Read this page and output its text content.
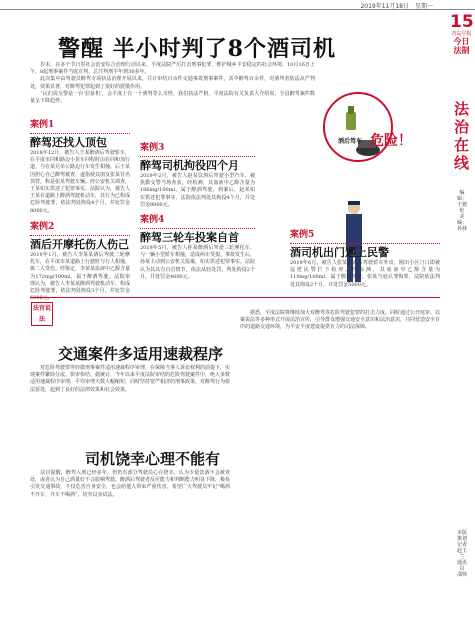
2019年11月18日　星期一
15
青岛早报
今日法制
法治在线
编辑：于德伦 美编：孙林
本版策划 记者 赵玉兰 通讯员 邵帅
警醒 半小时判了8个酒司机
　　岁末，在多个节日里社会治安综合治理行动以来，平度法院严厉打击刑事犯罪，维护城乡平安稳定的社会环境。10月16日上午，8起刑事案件当庭宣判，总共判刑半年到30多年。
　　此次集中由驾驶员醉驾专项执法治理开展以来，共计审结百余件交通事故刑事案件，其中醉驾百余件，对酒驾者依法从严判处，效果显著，对醉驾犯罪起到了很好的震慑作用。
　　“民们说交警是一台‘拉扯机’，会平度上有一个酒驾等么奇怪，我们执法严格，平度法院有关负责人介绍说，全县醉驾案件数量呈下降趋势。
酒后驾车 危险！
案例1
醉驾还找人顶包
2018年12月，被告人王某醉酒后驾驶轿车，在平度市同和路边小货车回程时由在同和加行道，与在某兄弟公路边行车发生相撞。后王某因担心自己醉驾被查，遂指使其朋友张某冒名顶替，称是张某驾驶车辆。经公安机关调查，王某如实供述了犯罪事实。法院认为，被告人王某在道路上醉酒驾驶机动车，其行为已构成危险驾驶罪，依法判处拘役4个月，并处罚金8000元。
案例2
酒后开摩托伤人伤己
2019年1月，被告人李某某酒后驾驶二轮摩托车，在平度市某道路上行驶时与行人相撞，致二人受伤。经鉴定，李某某血液中乙醇含量为172mg/100ml，属于醉酒驾驶。法院审理认为，被告人李某某醉酒驾驶机动车，构成危险驾驶罪，依法判处拘役3个月，并处罚金6000元。
案例3
醉驾司机拘役四个月
2019年2月，被告人赵某饮酒后驾驶小型汽车，被执勤交警当场查获。经检测，其血液中乙醇含量为186mg/100ml，属于醉酒驾驶。到案后，赵某如实供述犯罪事实，法院依法判处其拘役4个月，并处罚金8000元。
案例4
醉驾三轮车投案自首
2019年5月，被告人孙某醉酒后驾驶三轮摩托车，与一辆小型轿车相撞，造成两车受损。事故发生后，孙某主动到公安机关投案，如实供述犯罪事实。法院认为其具有自首情节，依法从轻处罚，判处拘役2个月，并处罚金4000元。
案例5
酒司机出门遇上民警
2019年6月，被告人张某饮酒后驾驶轿车外出，刚出小区门口即被巡逻民警拦下检查。经检测，其血液中乙醇含量为119mg/100ml，属于醉酒驾驶。张某当庭认罪悔罪，法院依法判处其拘役2个月，并处罚金5000元。
法官说法
交通案件多适用速裁程序
　　对危险驾驶罪等轻微刑事案件适用速裁程序审理，在保障当事人诉讼权利的前提下，实现案件繁简分流、快审快结。据统计，今年以来平度法院审结的危险驾驶案件中，绝大多数适用速裁程序审理，平均审理天数大幅缩短，同时坚持宽严相济的刑事政策，对醉驾行为依法惩处，起到了良好的法律效果和社会效果。
司机饶幸心理不能有
　　法官提醒，醉驾入刑已经多年，但仍有部分驾驶员心存侥幸，认为少量饮酒不会被查处，或者认为自己酒量好不会影响驾驶。醉酒后驾驶者反应能力和判断能力明显下降，极易引发交通事故，不仅危害自身安全，也会给他人带来严重伤害。希望广大驾驶员牢记“喝酒不开车，开车不喝酒”，切勿以身试法。
　　据悉，平度法院将继续加大对醉驾等危险驾驶犯罪的打击力度，同时通过公开庭审、以案说法等多种形式开展法治宣传，引导群众增强交通安全意识和法治意识，共同营造安全有序的道路交通环境，为平安平度建设提供有力的司法保障。
